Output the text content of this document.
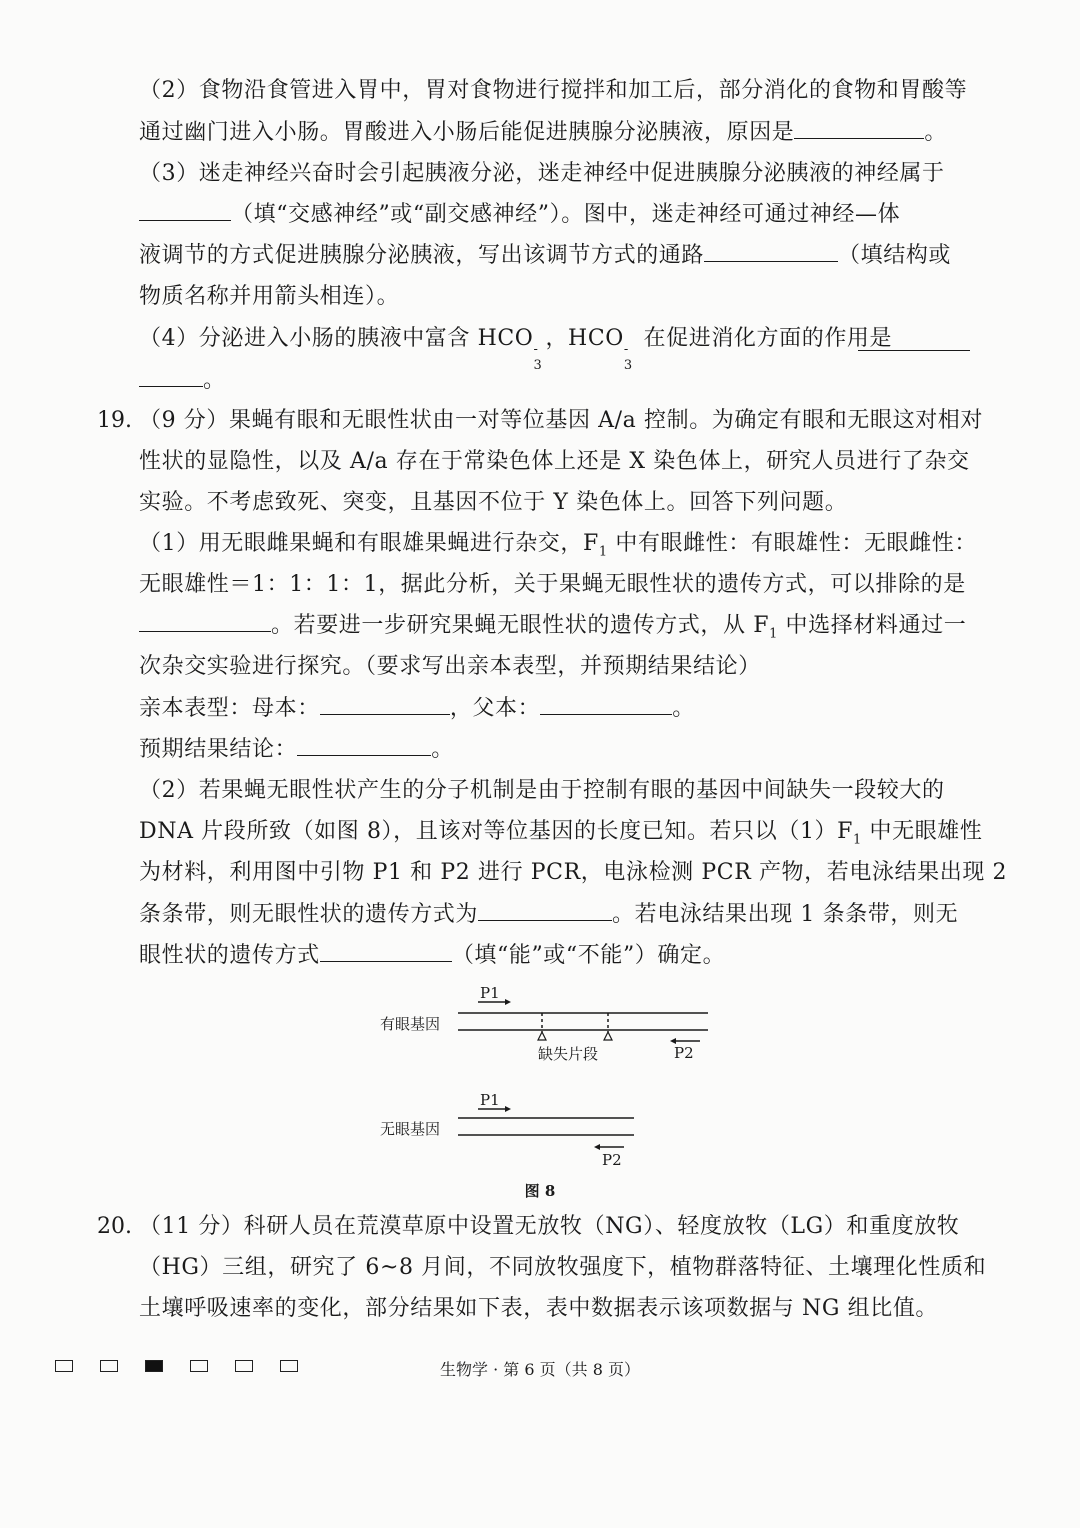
（2）食物沿食管进入胃中，胃对食物进行搅拌和加工后，部分消化的食物和胃酸等
通过幽门进入小肠。胃酸进入小肠后能促进胰腺分泌胰液，原因是	。
（3）迷走神经兴奋时会引起胰液分泌，迷走神经中促进胰腺分泌胰液的神经属于
（填“交感神经”或“副交感神经”）。图中，迷走神经可通过神经—体
液调节的方式促进胰腺分泌胰液，写出该调节方式的通路	（填结构或
物质名称并用箭头相连）。
（4）分泌进入小肠的胰液中富含 HCO -
3
，HCO -
3
在促进消化方面的作用是
。
19. （9 分）果蝇有眼和无眼性状由一对等位基因 A/a 控制。为确定有眼和无眼这对相对
性状的显隐性，以及 A/a 存在于常染色体上还是 X 染色体上，研究人员进行了杂交
实验。不考虑致死、突变，且基因不位于 Y 染色体上。回答下列问题。
（1）用无眼雌果蝇和有眼雄果蝇进行杂交，$F_1$ 中有眼雌性：有眼雄性：无眼雌性：
无眼雄性＝1：1：1：1，据此分析，关于果蝇无眼性状的遗传方式，可以排除的是
。若要进一步研究果蝇无眼性状的遗传方式，从 $F_1$ 中选择材料通过一
次杂交实验进行探究。（要求写出亲本表型，并预期结果结论）
亲本表型：母本：	，父本：	。
预期结果结论：	。
（2）若果蝇无眼性状产生的分子机制是由于控制有眼的基因中间缺失一段较大的
DNA 片段所致（如图 8），且该对等位基因的长度已知。若只以$(1)F_1$ 中无眼雄性
为材料，利用图中引物 P1 和 P2 进行 PCR，电泳检测 PCR 产物，若电泳结果出现 2
条条带，则无眼性状的遗传方式为	。若电泳结果出现 1 条条带，则无
眼性状的遗传方式	（填“能”或“不能”）确定。
有眼基因
P1
缺失片段	P2
无眼基因
P1
P2
图 8
20. （11 分）科研人员在荒漠草原中设置无放牧（NG）、轻度放牧（LG）和重度放牧
（HG）三组，研究了 6~8 月间，不同放牧强度下，植物群落特征、土壤理化性质和
土壤呼吸速率的变化，部分结果如下表，表中数据表示该项数据与 NG 组比值。
生物学 · 第 6 页（共 8 页）
